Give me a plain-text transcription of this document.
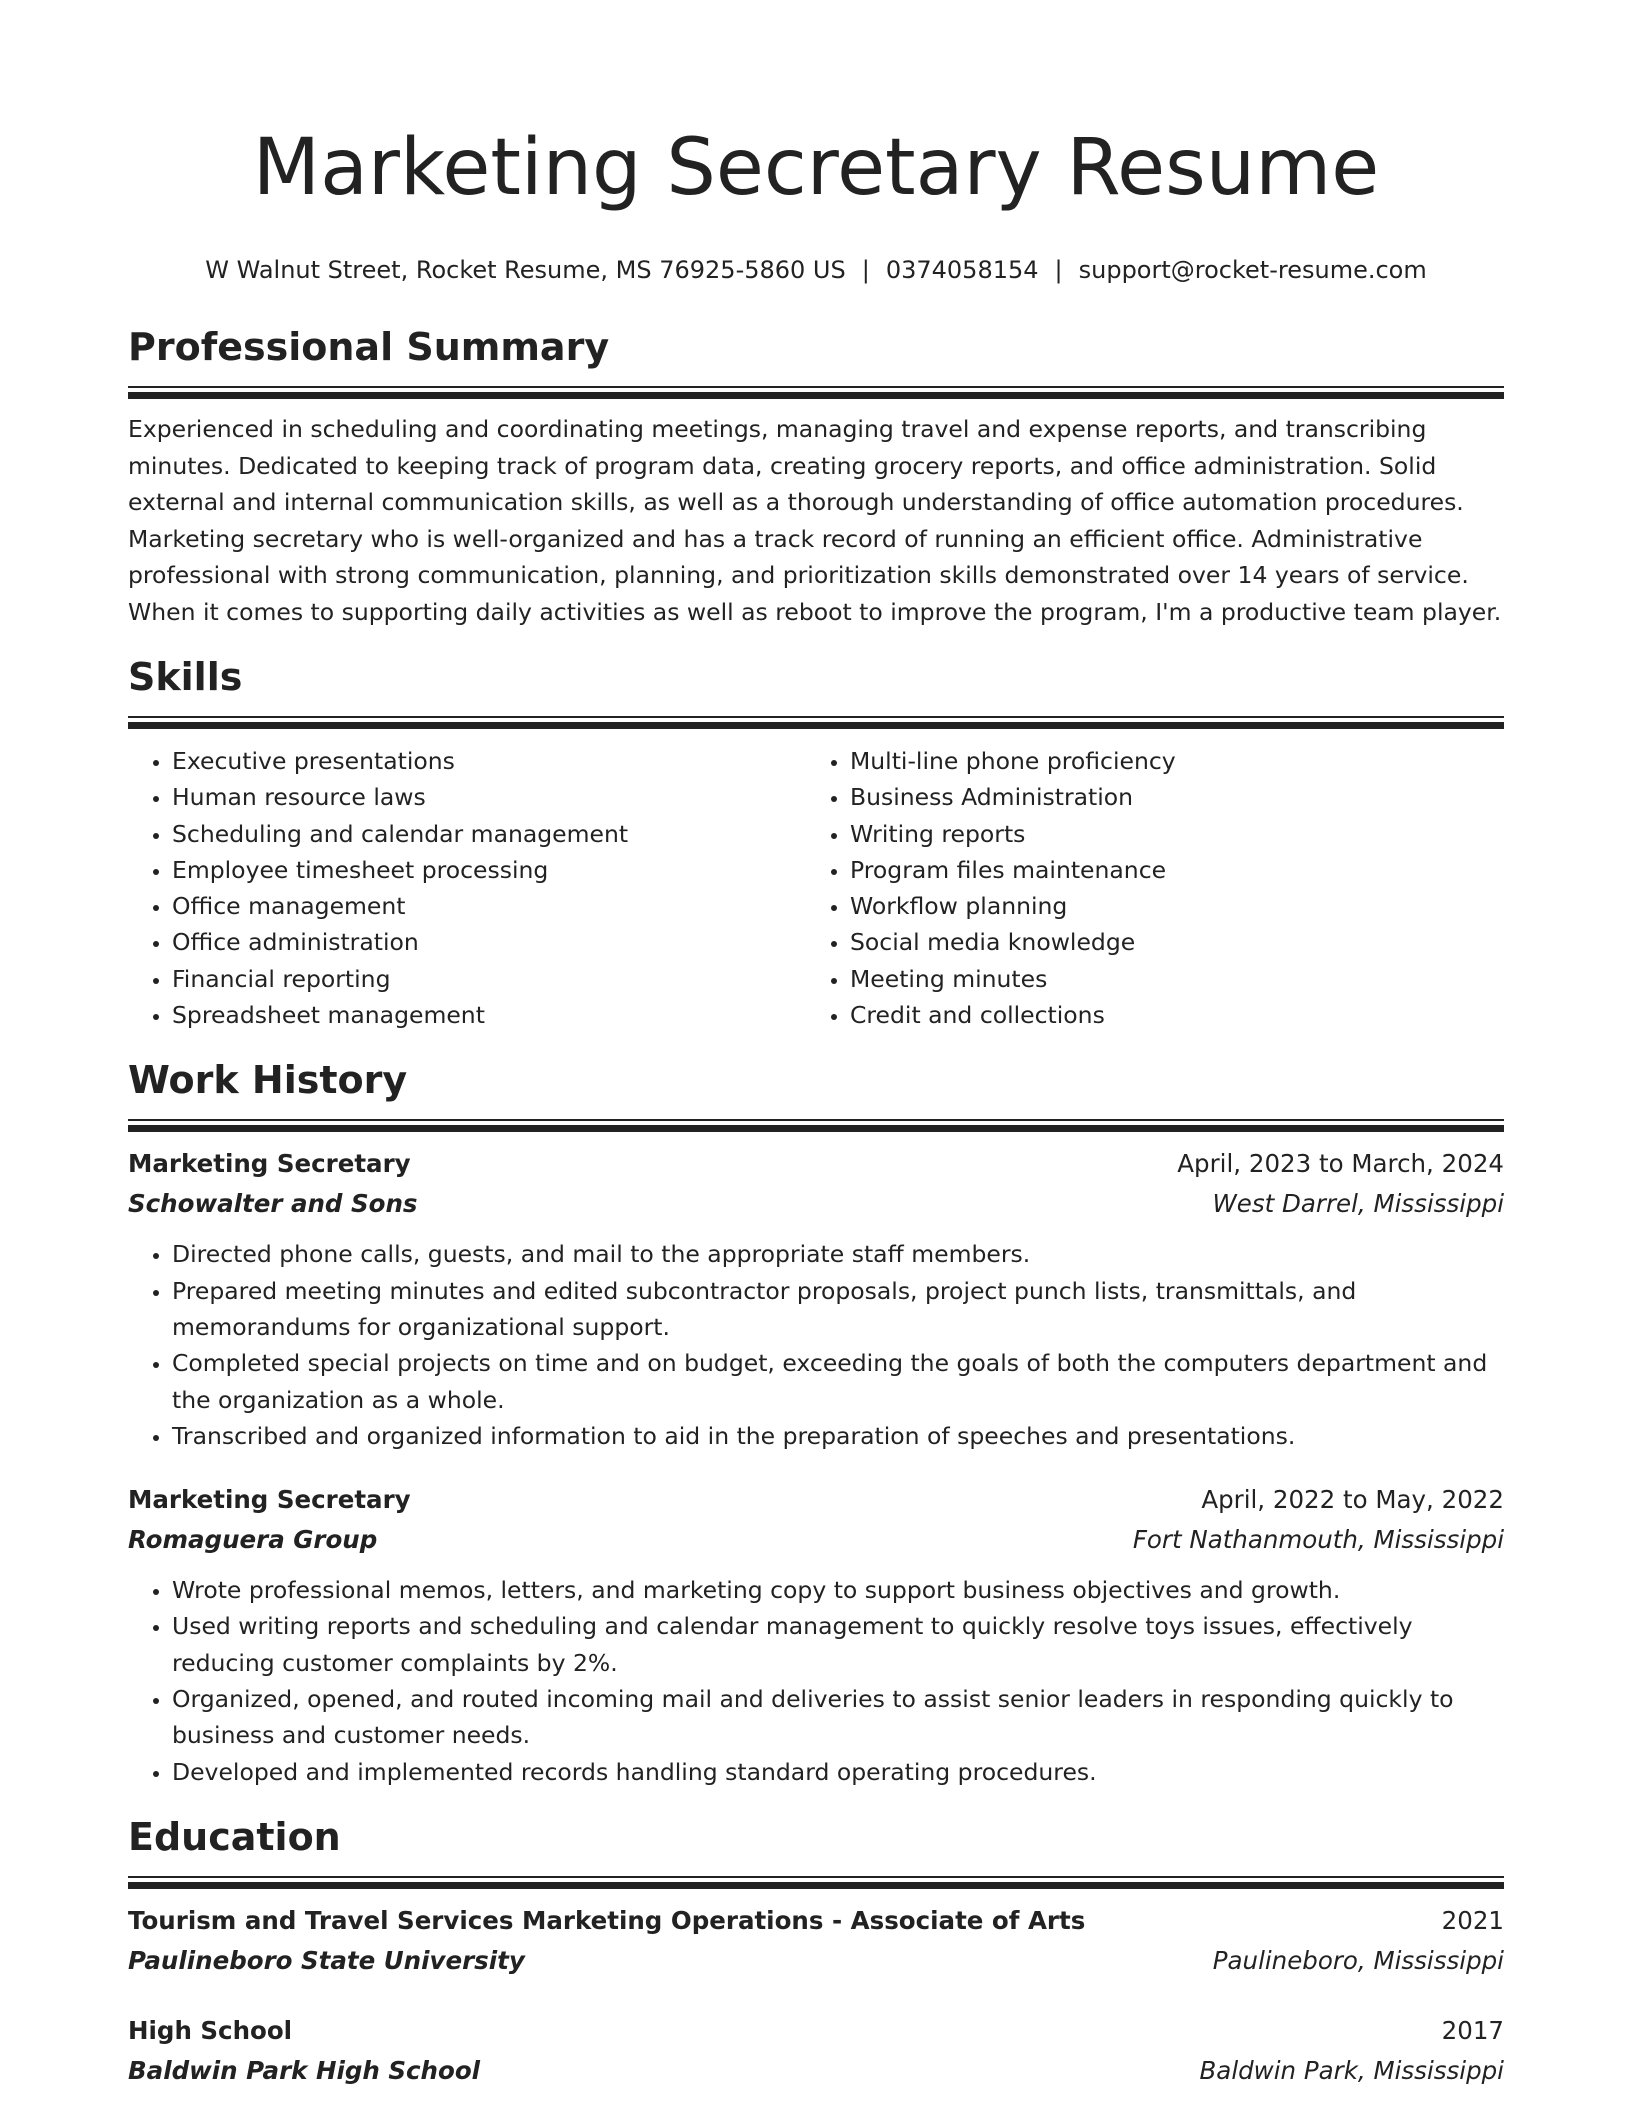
Marketing Secretary Resume
W Walnut Street, Rocket Resume, MS 76925-5860 US | 0374058154 | support@rocket-resume.com
Professional Summary

Experienced in scheduling and coordinating meetings, managing travel and expense reports, and transcribing minutes. Dedicated to keeping track of program data, creating grocery reports, and office administration. Solid external and internal communication skills, as well as a thorough understanding of office automation procedures. Marketing secretary who is well-organized and has a track record of running an efficient office. Administrative professional with strong communication, planning, and prioritization skills demonstrated over 14 years of service. When it comes to supporting daily activities as well as reboot to improve the program, I'm a productive team player.

Skills
• Executive presentations
• Human resource laws
• Scheduling and calendar management
• Employee timesheet processing
• Office management
• Office administration
• Financial reporting
• Spreadsheet management
• Multi-line phone proficiency
• Business Administration
• Writing reports
• Program files maintenance
• Workflow planning
• Social media knowledge
• Meeting minutes
• Credit and collections
Work History
Marketing Secretary	April, 2023 to March, 2024
Schowalter and Sons	West Darrel, Mississippi
• Directed phone calls, guests, and mail to the appropriate staff members.
• Prepared meeting minutes and edited subcontractor proposals, project punch lists, transmittals, and memorandums for organizational support.
• Completed special projects on time and on budget, exceeding the goals of both the computers department and the organization as a whole.
• Transcribed and organized information to aid in the preparation of speeches and presentations.
Marketing Secretary	April, 2022 to May, 2022
Romaguera Group	Fort Nathanmouth, Mississippi
• Wrote professional memos, letters, and marketing copy to support business objectives and growth.
• Used writing reports and scheduling and calendar management to quickly resolve toys issues, effectively reducing customer complaints by 2%.
• Organized, opened, and routed incoming mail and deliveries to assist senior leaders in responding quickly to business and customer needs.
• Developed and implemented records handling standard operating procedures.
Education
Tourism and Travel Services Marketing Operations - Associate of Arts	2021
Paulineboro State University	Paulineboro, Mississippi
High School	2017
Baldwin Park High School	Baldwin Park, Mississippi
